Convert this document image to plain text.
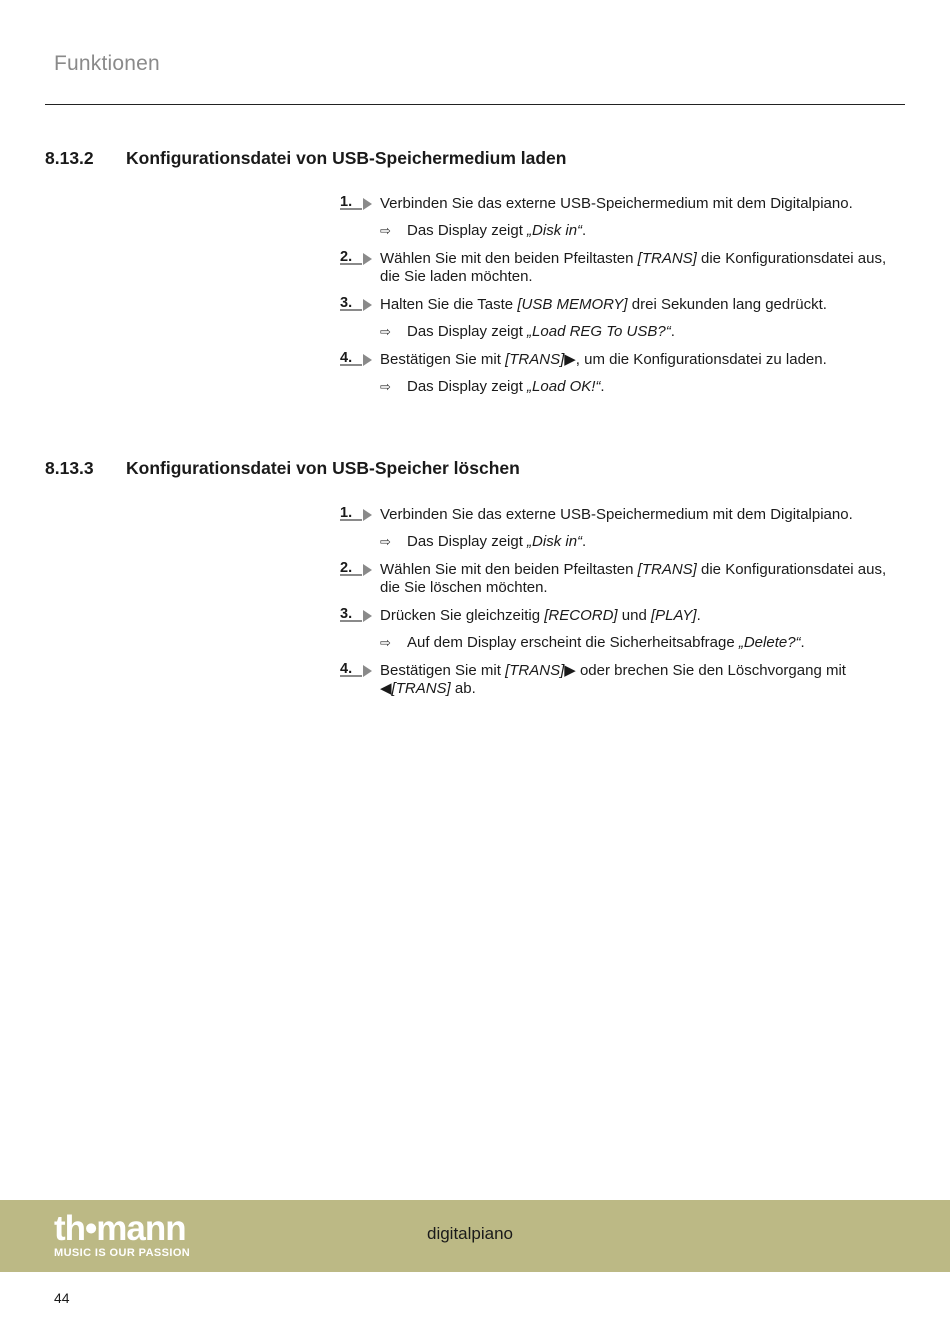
Funktionen
8.13.2	Konfigurationsdatei von USB-Speichermedium laden
1. Verbinden Sie das externe USB-Speichermedium mit dem Digitalpiano.
⇨ Das Display zeigt „Disk in“.
2. Wählen Sie mit den beiden Pfeiltasten [TRANS] die Konfigurationsdatei aus, die Sie laden möchten.
3. Halten Sie die Taste [USB MEMORY] drei Sekunden lang gedrückt.
⇨ Das Display zeigt „Load REG To USB?“.
4. Bestätigen Sie mit [TRANS]▶, um die Konfigurationsdatei zu laden.
⇨ Das Display zeigt „Load OK!“.
8.13.3	Konfigurationsdatei von USB-Speicher löschen
1. Verbinden Sie das externe USB-Speichermedium mit dem Digitalpiano.
⇨ Das Display zeigt „Disk in“.
2. Wählen Sie mit den beiden Pfeiltasten [TRANS] die Konfigurationsdatei aus, die Sie löschen möchten.
3. Drücken Sie gleichzeitig [RECORD] und [PLAY].
⇨ Auf dem Display erscheint die Sicherheitsabfrage „Delete?“.
4. Bestätigen Sie mit [TRANS]▶ oder brechen Sie den Löschvorgang mit ◀[TRANS] ab.
th•mann
MUSIC IS OUR PASSION
digitalpiano
44
